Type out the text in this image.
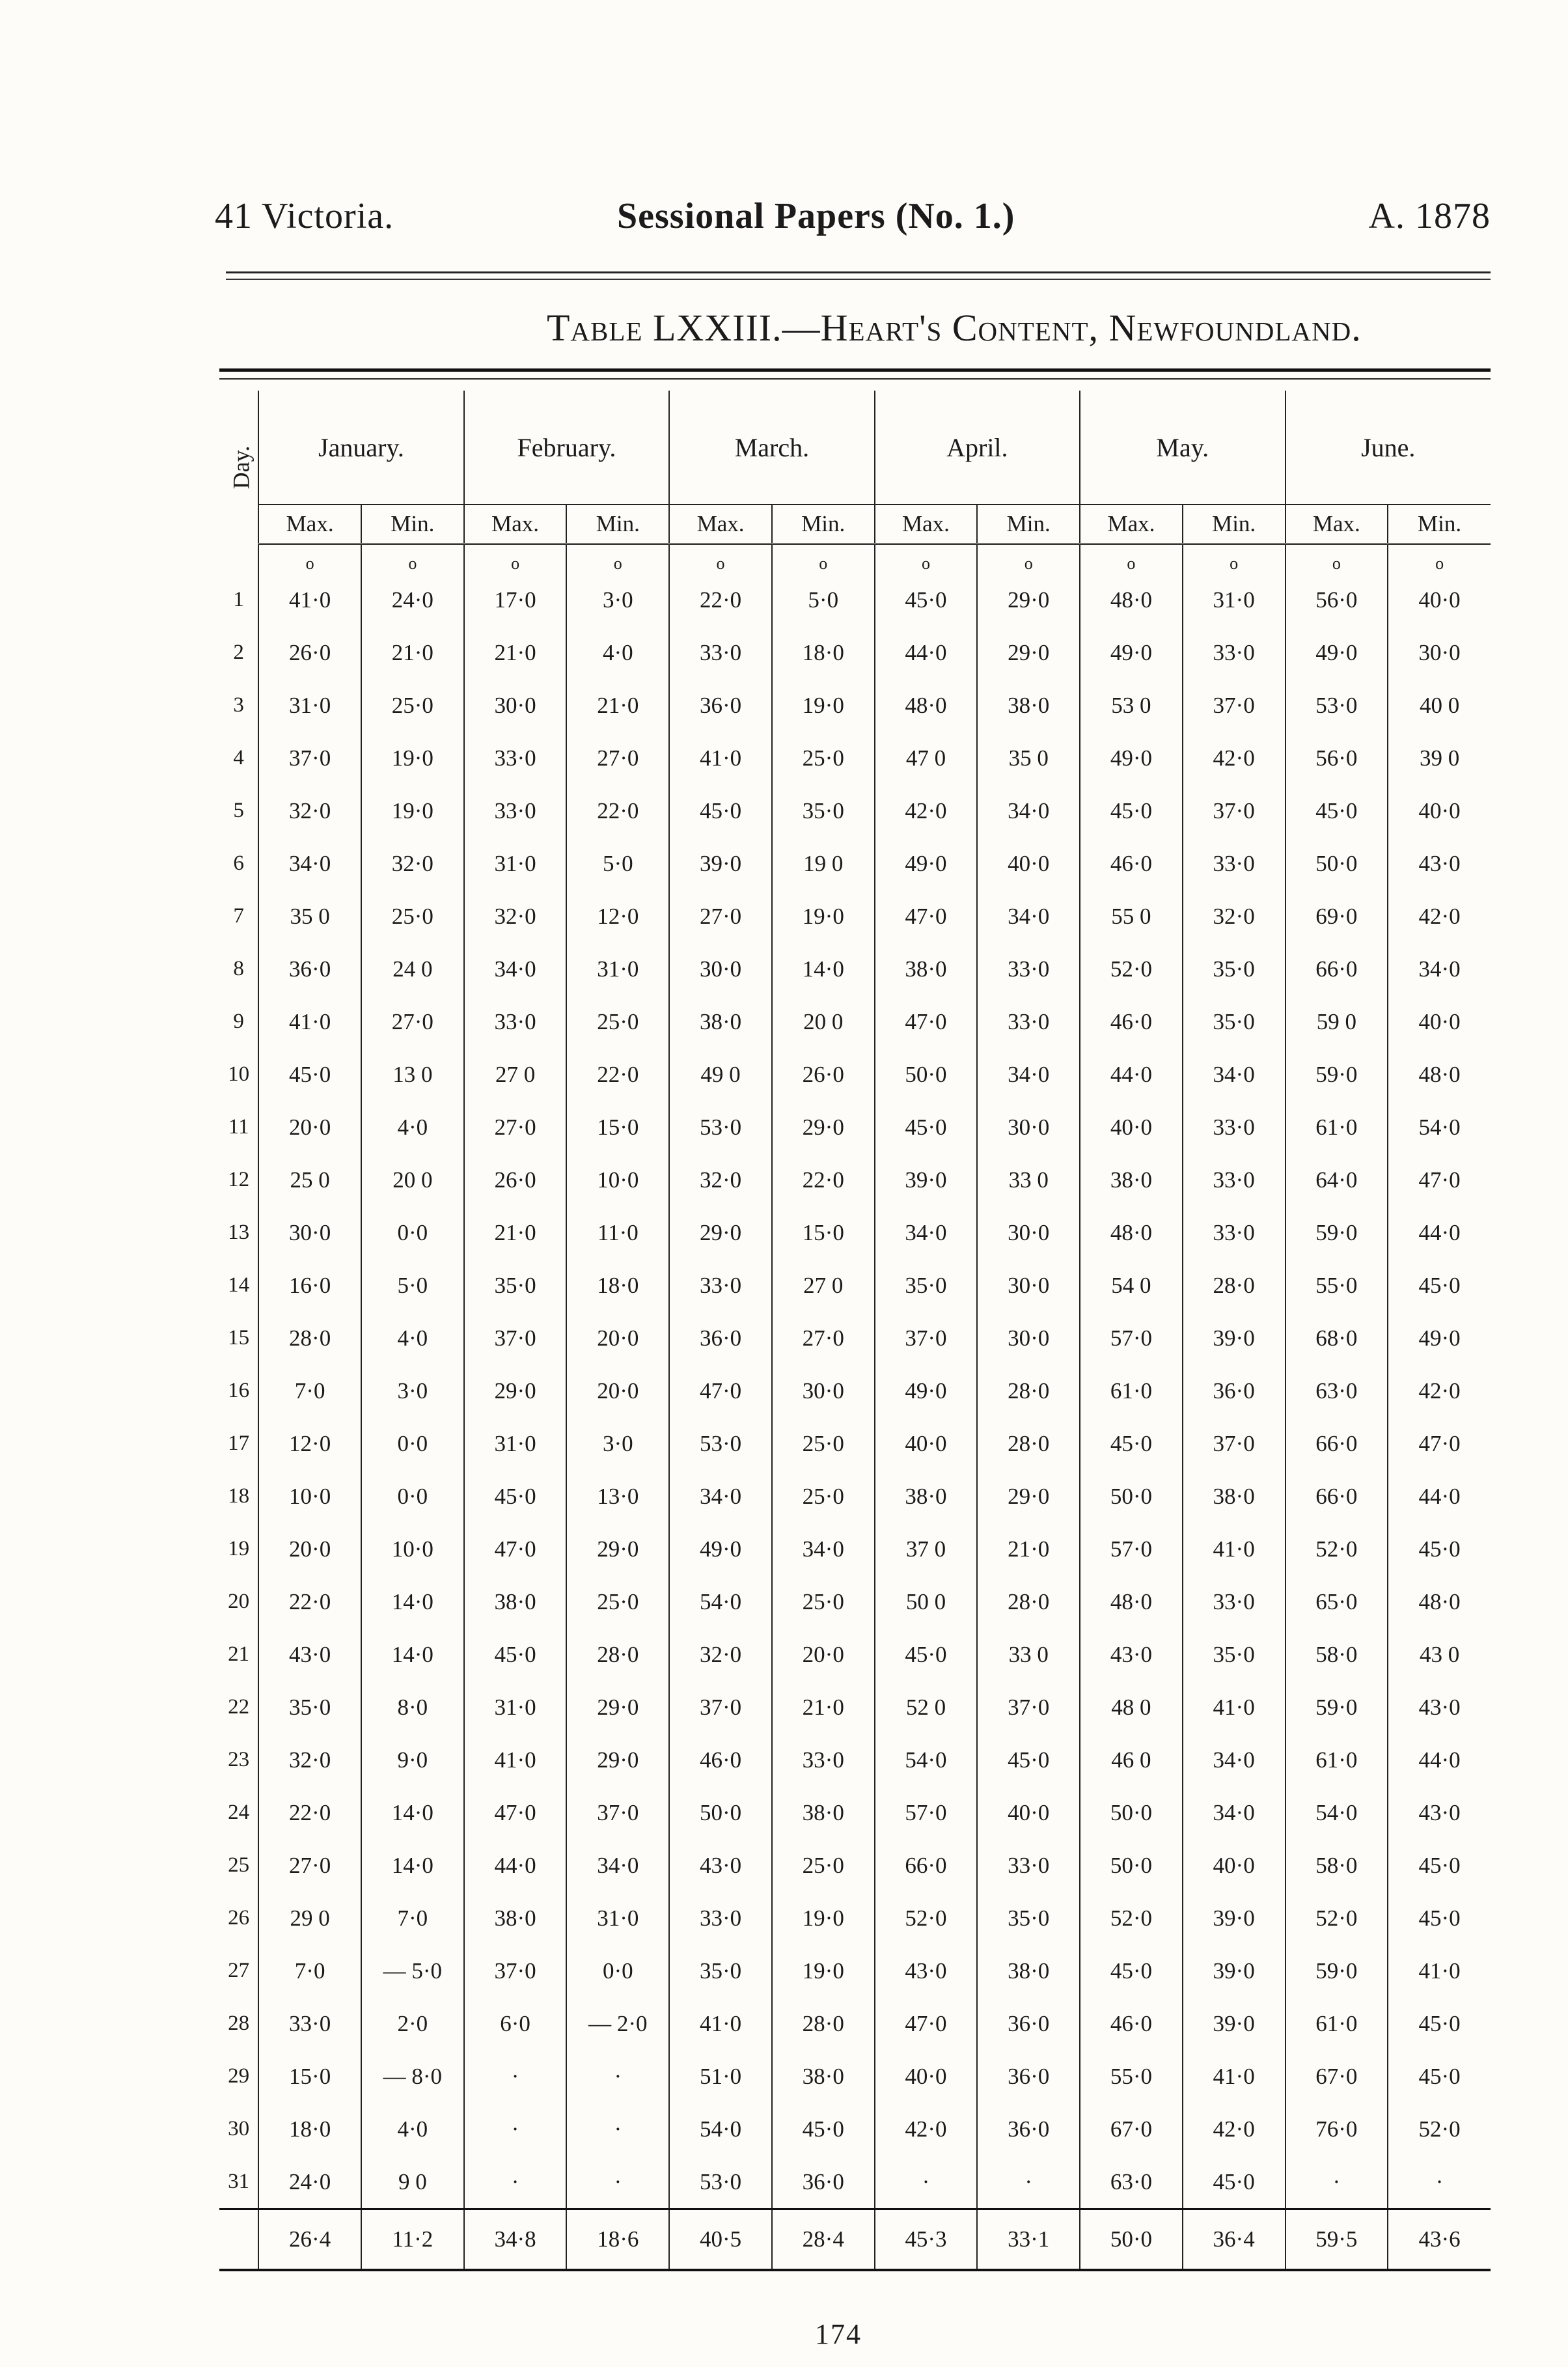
41 Victoria.	Sessional Papers (No. 1.)	A. 1878
Table LXXIII.—Heart's Content, Newfoundland.
Day.	January.		February.		March.		April.		May.		June.	
	Max.	Min.	Max.	Min.	Max.	Min.	Max.	Min.	Max.	Min.	Max.	Min.
	o	o	o	o	o	o	o	o	o	o	o	o
1	41·0	24·0	17·0	3·0	22·0	5·0	45·0	29·0	48·0	31·0	56·0	40·0
2	26·0	21·0	21·0	4·0	33·0	18·0	44·0	29·0	49·0	33·0	49·0	30·0
3	31·0	25·0	30·0	21·0	36·0	19·0	48·0	38·0	53 0	37·0	53·0	40 0
4	37·0	19·0	33·0	27·0	41·0	25·0	47 0	35 0	49·0	42·0	56·0	39 0
5	32·0	19·0	33·0	22·0	45·0	35·0	42·0	34·0	45·0	37·0	45·0	40·0
6	34·0	32·0	31·0	5·0	39·0	19 0	49·0	40·0	46·0	33·0	50·0	43·0
7	35 0	25·0	32·0	12·0	27·0	19·0	47·0	34·0	55 0	32·0	69·0	42·0
8	36·0	24 0	34·0	31·0	30·0	14·0	38·0	33·0	52·0	35·0	66·0	34·0
9	41·0	27·0	33·0	25·0	38·0	20 0	47·0	33·0	46·0	35·0	59 0	40·0
10	45·0	13 0	27 0	22·0	49 0	26·0	50·0	34·0	44·0	34·0	59·0	48·0
11	20·0	4·0	27·0	15·0	53·0	29·0	45·0	30·0	40·0	33·0	61·0	54·0
12	25 0	20 0	26·0	10·0	32·0	22·0	39·0	33 0	38·0	33·0	64·0	47·0
13	30·0	0·0	21·0	11·0	29·0	15·0	34·0	30·0	48·0	33·0	59·0	44·0
14	16·0	5·0	35·0	18·0	33·0	27 0	35·0	30·0	54 0	28·0	55·0	45·0
15	28·0	4·0	37·0	20·0	36·0	27·0	37·0	30·0	57·0	39·0	68·0	49·0
16	7·0	3·0	29·0	20·0	47·0	30·0	49·0	28·0	61·0	36·0	63·0	42·0
17	12·0	0·0	31·0	3·0	53·0	25·0	40·0	28·0	45·0	37·0	66·0	47·0
18	10·0	0·0	45·0	13·0	34·0	25·0	38·0	29·0	50·0	38·0	66·0	44·0
19	20·0	10·0	47·0	29·0	49·0	34·0	37 0	21·0	57·0	41·0	52·0	45·0
20	22·0	14·0	38·0	25·0	54·0	25·0	50 0	28·0	48·0	33·0	65·0	48·0
21	43·0	14·0	45·0	28·0	32·0	20·0	45·0	33 0	43·0	35·0	58·0	43 0
22	35·0	8·0	31·0	29·0	37·0	21·0	52 0	37·0	48 0	41·0	59·0	43·0
23	32·0	9·0	41·0	29·0	46·0	33·0	54·0	45·0	46 0	34·0	61·0	44·0
24	22·0	14·0	47·0	37·0	50·0	38·0	57·0	40·0	50·0	34·0	54·0	43·0
25	27·0	14·0	44·0	34·0	43·0	25·0	66·0	33·0	50·0	40·0	58·0	45·0
26	29 0	7·0	38·0	31·0	33·0	19·0	52·0	35·0	52·0	39·0	52·0	45·0
27	7·0	— 5·0	37·0	0·0	35·0	19·0	43·0	38·0	45·0	39·0	59·0	41·0
28	33·0	2·0	6·0	— 2·0	41·0	28·0	47·0	36·0	46·0	39·0	61·0	45·0
29	15·0	— 8·0	·	·	51·0	38·0	40·0	36·0	55·0	41·0	67·0	45·0
30	18·0	4·0	·	·	54·0	45·0	42·0	36·0	67·0	42·0	76·0	52·0
31	24·0	9 0	·	·	53·0	36·0	·	·	63·0	45·0	·	·
	26·4	11·2	34·8	18·6	40·5	28·4	45·3	33·1	50·0	36·4	59·5	43·6
174
